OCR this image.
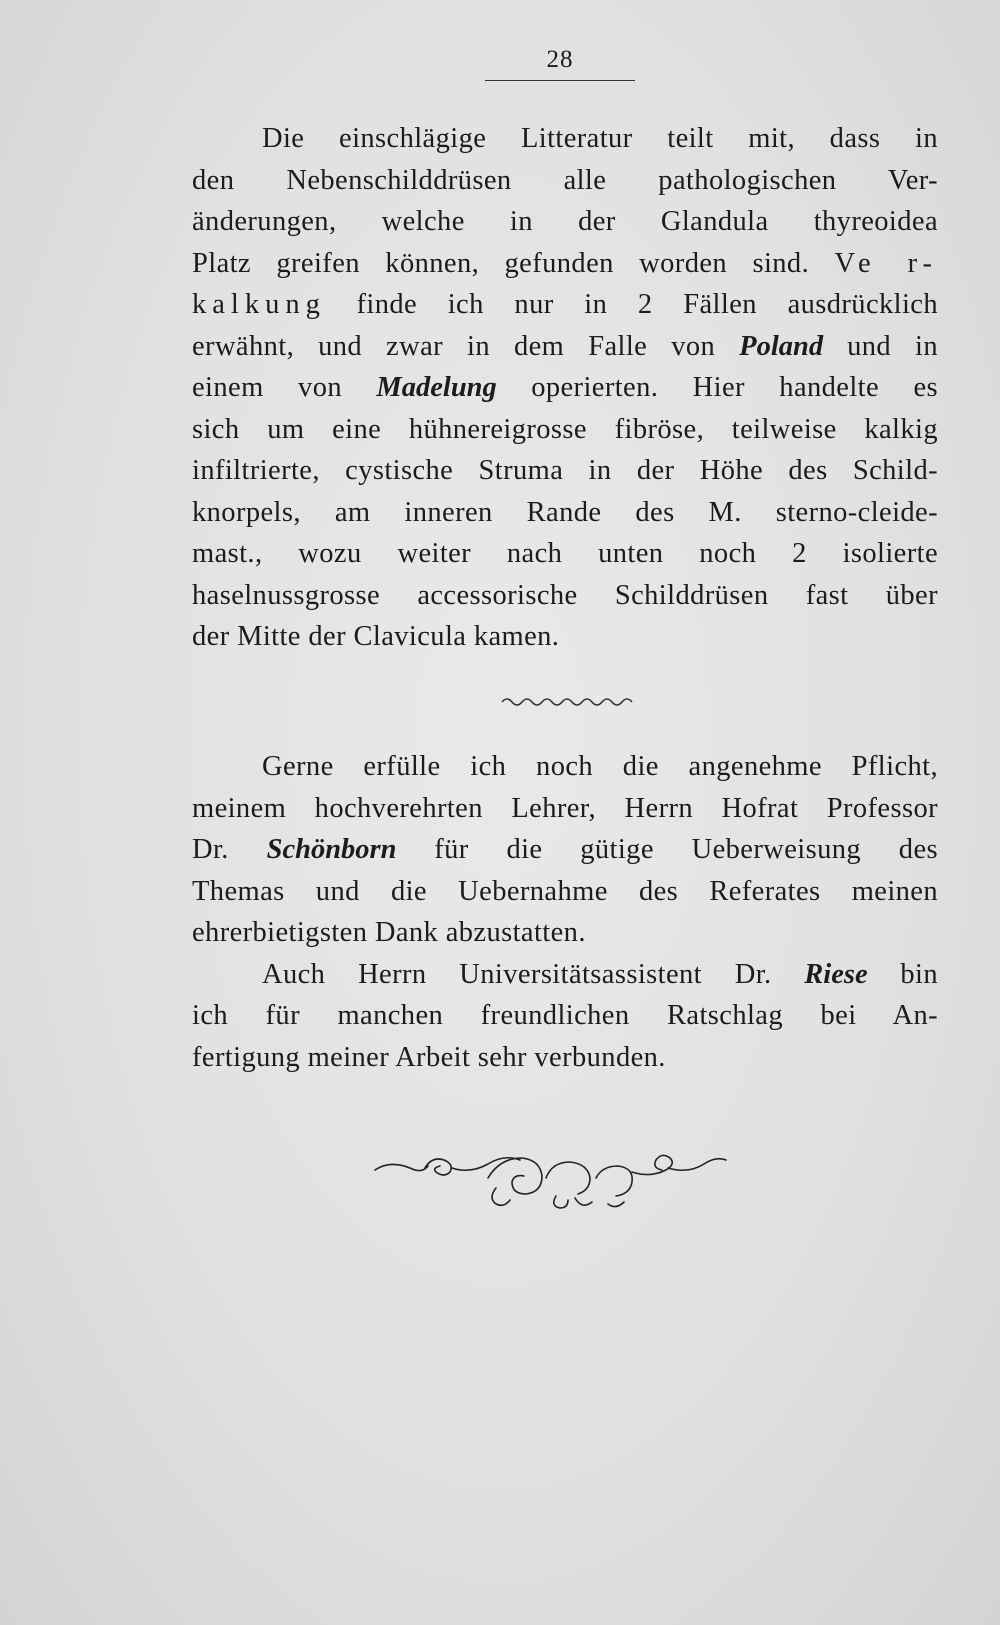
28
Die einschlägige Litteratur teilt mit, dass in
den Nebenschilddrüsen alle pathologischen Ver-
änderungen, welche in der Glandula thyreoidea
Platz greifen können, gefunden worden sind. Ve r-
kalkung finde ich nur in 2 Fällen ausdrücklich
erwähnt, und zwar in dem Falle von Poland und in
einem von Madelung operierten. Hier handelte es
sich um eine hühnereigrosse fibröse, teilweise kalkig
infiltrierte, cystische Struma in der Höhe des Schild-
knorpels, am inneren Rande des M. sterno-cleide-
mast., wozu weiter nach unten noch 2 isolierte
haselnussgrosse accessorische Schilddrüsen fast über
der Mitte der Clavicula kamen.
Gerne erfülle ich noch die angenehme Pflicht,
meinem hochverehrten Lehrer, Herrn Hofrat Professor
Dr. Schönborn für die gütige Ueberweisung des
Themas und die Uebernahme des Referates meinen
ehrerbietigsten Dank abzustatten.
Auch Herrn Universitätsassistent Dr. Riese bin
ich für manchen freundlichen Ratschlag bei An-
fertigung meiner Arbeit sehr verbunden.
